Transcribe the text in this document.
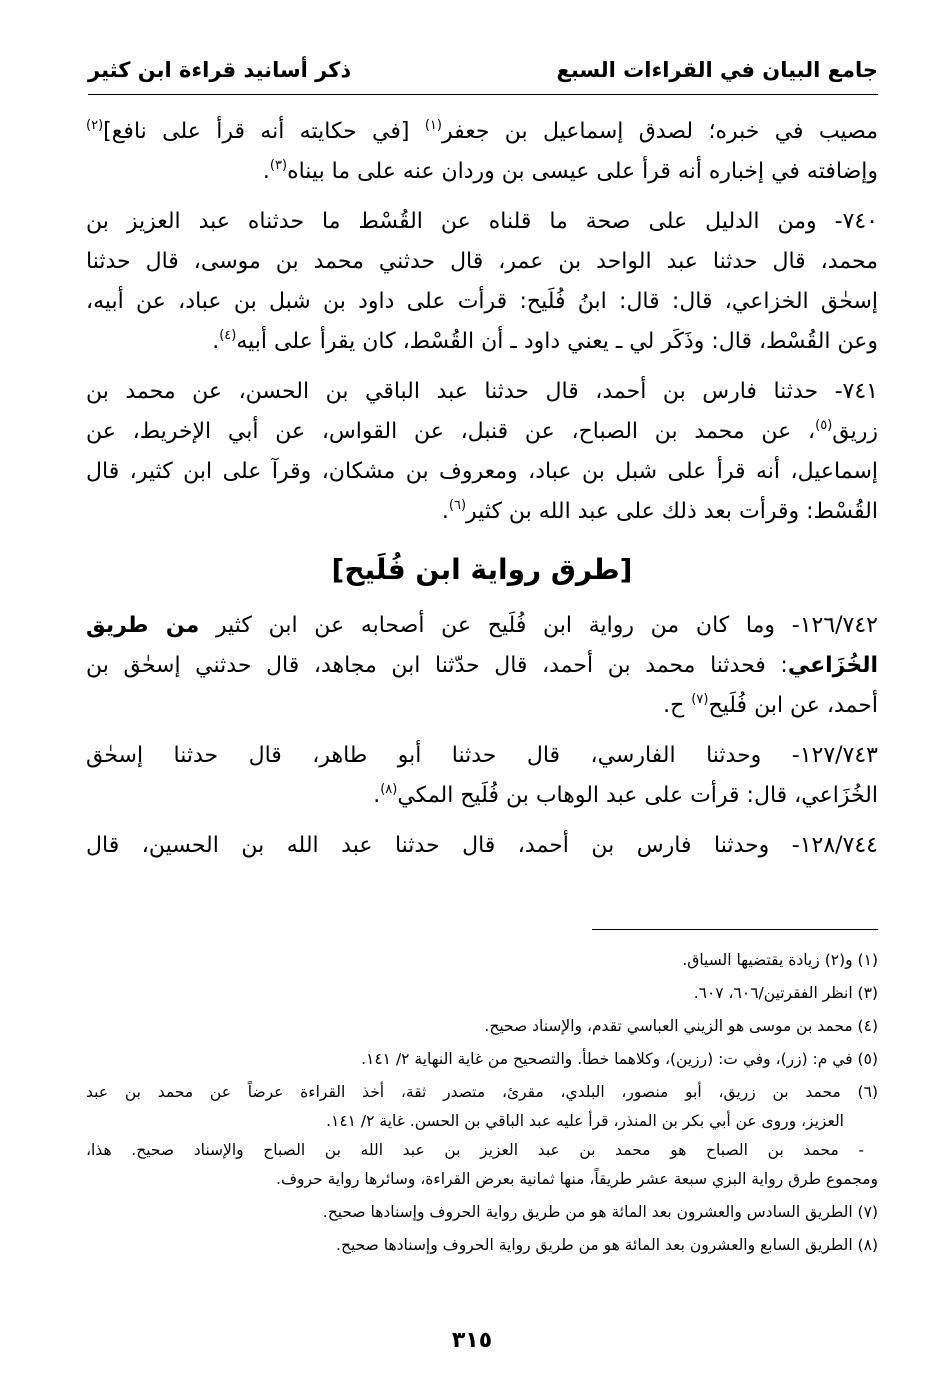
جامع البيان في القراءات السبع
ذكر أسانيد قراءة ابن كثير

مصيب في خبره؛ لصدق إسماعيل بن جعفر$^{(١)}$ [في حكايته أنه قرأ على نافع]$^{(٢)}$
وإضافته في إخباره أنه قرأ على عيسى بن وردان عنه على ما بيناه$^{(٣)}$.

٧٤٠- ومن الدليل على صحة ما قلناه عن القُسْط ما حدثناه عبد العزيز بن
محمد، قال حدثنا عبد الواحد بن عمر، قال حدثني محمد بن موسى، قال حدثنا
إسحٰق الخزاعي، قال: قال: ابنُ فُلَيح: قرأت على داود بن شبل بن عباد، عن أبيه،
وعن القُسْط، قال: وذَكَر لي ـ يعني داود ـ أن القُسْط، كان يقرأ على أبيه$^{(٤)}$.

٧٤١- حدثنا فارس بن أحمد، قال حدثنا عبد الباقي بن الحسن، عن محمد بن
زريق$^{(٥)}$، عن محمد بن الصباح، عن قنبل، عن القواس، عن أبي الإخريط، عن
إسماعيل، أنه قرأ على شبل بن عباد، ومعروف بن مشكان، وقرآ على ابن كثير، قال
القُسْط: وقرأت بعد ذلك على عبد الله بن كثير$^{(٦)}$.

[طرق رواية ابن فُلَيح]

١٢٦/٧٤٢- وما كان من رواية ابن فُلَيح عن أصحابه عن ابن كثير من طريق
الخُزَاعي: فحدثنا محمد بن أحمد، قال حدّثنا ابن مجاهد، قال حدثني إسحٰق بن
أحمد، عن ابن فُلَيح$^{(٧)}$ ح.

١٢٧/٧٤٣- وحدثنا الفارسي، قال حدثنا أبو طاهر، قال حدثنا إسحٰق
الخُزَاعي، قال: قرأت على عبد الوهاب بن فُلَيح المكي$^{(٨)}$.

١٢٨/٧٤٤- وحدثنا فارس بن أحمد، قال حدثنا عبد الله بن الحسين، قال

(١) و(٢) زيادة يقتضيها السياق.

(٣) انظر الفقرتين/٦٠٦، ٦٠٧.

(٤) محمد بن موسى هو الزيني العباسي تقدم، والإسناد صحيح.

(٥) في م: (زر)، وفي ت: (رزين)، وكلاهما خطأ. والتصحيح من غاية النهاية ٢/ ١٤١.

(٦) محمد بن زريق، أبو منصور، البلدي، مقرئ، متصدر ثقة، أخذ القراءة عرضاً عن محمد بن عبد
العزيز، وروى عن أبي بكر بن المنذر، قرأ عليه عبد الباقي بن الحسن. غاية ٢/ ١٤١.
- محمد بن الصباح هو محمد بن عبد العزيز بن عبد الله بن الصباح والإسناد صحيح. هذا،
ومجموع طرق رواية البزي سبعة عشر طريقاً، منها ثمانية بعرض القراءة، وسائرها رواية حروف.

(٧) الطريق السادس والعشرون بعد المائة هو من طريق رواية الحروف وإسنادها صحيح.

(٨) الطريق السابع والعشرون بعد المائة هو من طريق رواية الحروف وإسنادها صحيح.

٣١٥
